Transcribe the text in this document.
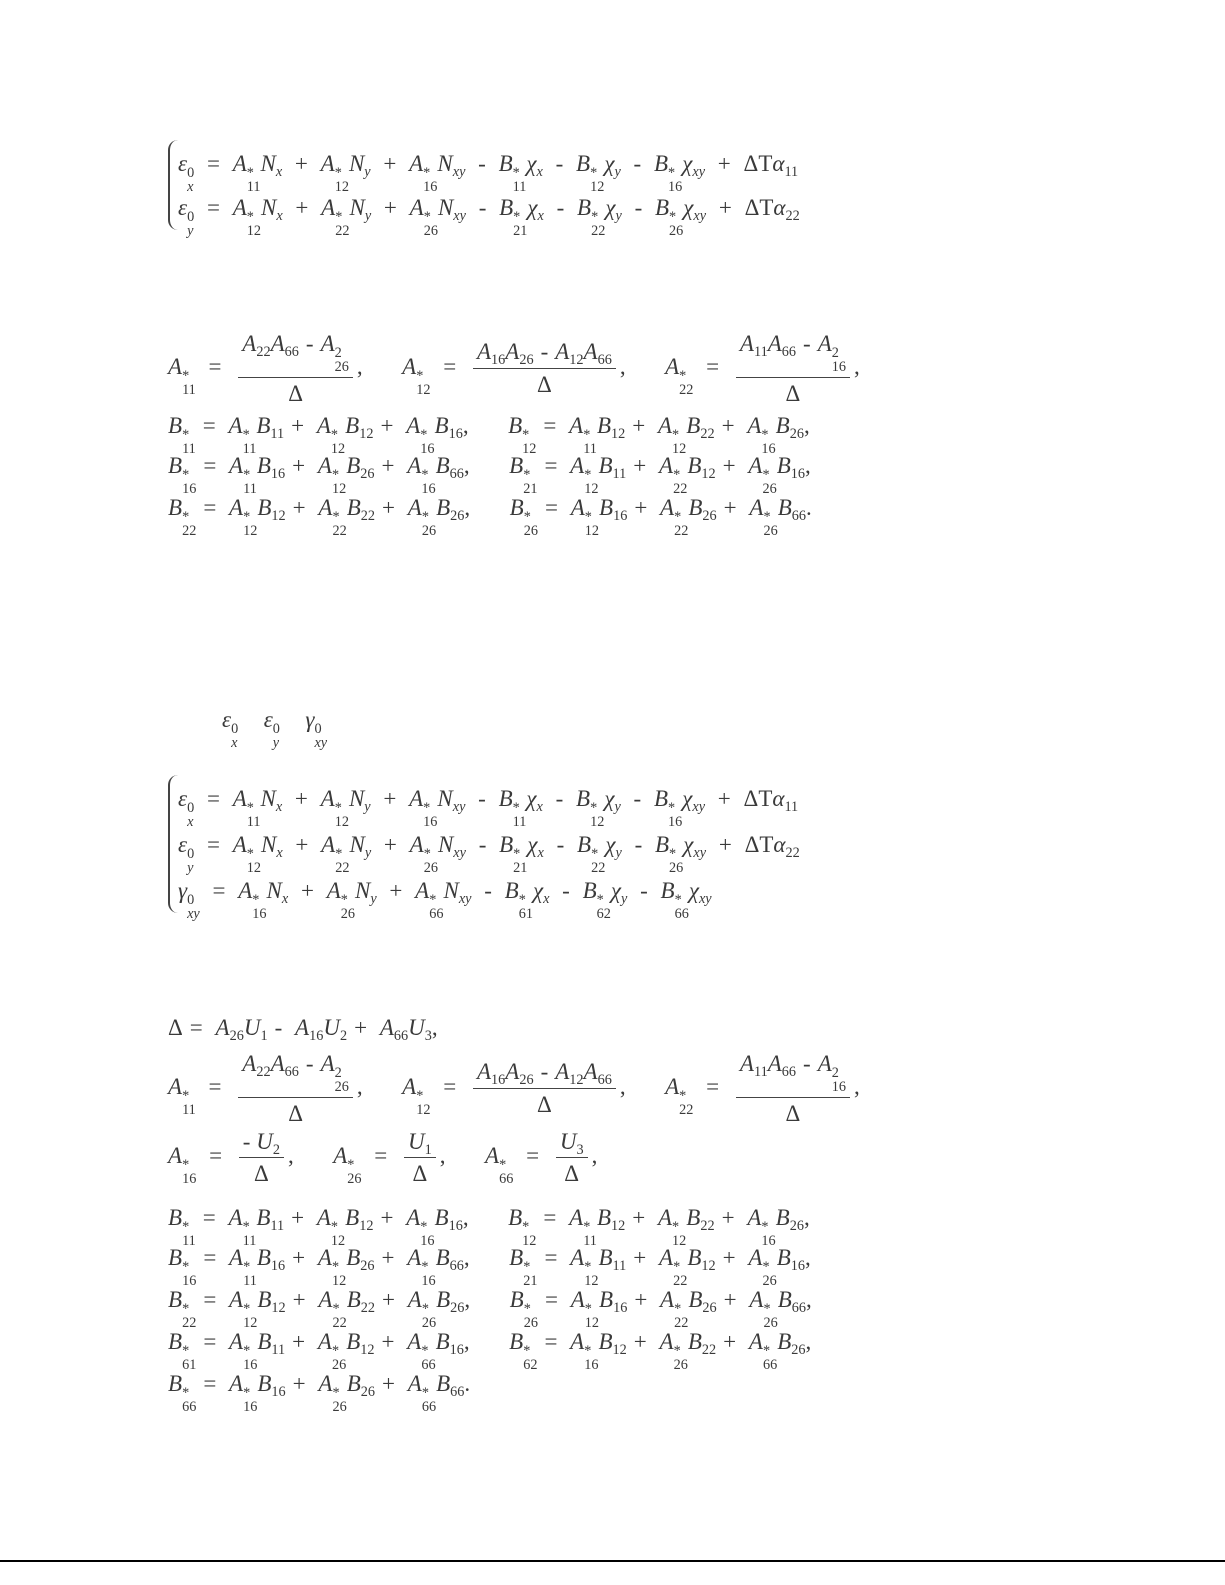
ε 0
x
= A *
11
$N_x + A$ *
12
$N_y + A$ *
16
$N_{xy}$ - B *
11
$\chi_x$ - B *
12
$\chi_y$ - B *
16
$\chi_{xy} + \Delta T\alpha_{11}$
ε 0
y
= A *
12
$N_x + A$ *
22
$N_y + A$ *
26
$N_{xy}$ - B *
21
$\chi_x$ - B *
22
$\chi_y$ - B *
26
$\chi_{xy} + \Delta T\alpha_{22}$
A *
11
= $A_{22}A_{66}$ - A 2
26
Δ , A *
12
= $\frac{A_{16}A_{26} - A_{12}A_{66}}{\Delta}$ , A *
22
= $A_{11}A_{66}$ - A 2
16
Δ ,
B *
11
= A *
11
$B_{11} + A$ *
12
$B_{12} + A$ *
16
$B_{16}$, B *
12
= A *
11
$B_{12} + A$ *
12
$B_{22} + A$ *
16
$B_{26}$,
B *
16
= A *
11
$B_{16} + A$ *
12
$B_{26} + A$ *
16
$B_{66}$, B *
21
= A *
12
$B_{11} + A$ *
22
$B_{12} + A$ *
26
$B_{16}$,
B *
22
= A *
12
$B_{12} + A$ *
22
$B_{22} + A$ *
26
$B_{26}$, B *
26
= A *
12
$B_{16} + A$ *
22
$B_{26} + A$ *
26
$B_{66}$.
ε 0
x
ε 0
y
γ 0
xy
ε 0
x
= A *
11
$N_x + A$ *
12
$N_y + A$ *
16
$N_{xy}$ - B *
11
$\chi_x$ - B *
12
$\chi_y$ - B *
16
$\chi_{xy} + \Delta T\alpha_{11}$
ε 0
y
= A *
12
$N_x + A$ *
22
$N_y + A$ *
26
$N_{xy}$ - B *
21
$\chi_x$ - B *
22
$\chi_y$ - B *
26
$\chi_{xy} + \Delta T\alpha_{22}$
γ 0
xy
= A *
16
$N_x + A$ *
26
$N_y + A$ *
66
$N_{xy}$ - B *
61
$\chi_x$ - B *
62
$\chi_y$ - B *
66
$\chi_{xy}$
$\Delta = A_{26}U_1 - A_{16}U_2 + A_{66}U_3$,
A *
11
= $A_{22}A_{66}$ - A 2
26
Δ , A *
12
= $\frac{A_{16}A_{26} - A_{12}A_{66}}{\Delta}$ , A *
22
= $A_{11}A_{66}$ - A 2
16
Δ ,
A *
16
= $\frac{- U_2}{\Delta}$ , A *
26
= $\frac{U_1}{\Delta}$ , A *
66
= $\frac{U_3}{\Delta}$ ,
B *
11
= A *
11
$B_{11} + A$ *
12
$B_{12} + A$ *
16
$B_{16}$, B *
12
= A *
11
$B_{12} + A$ *
12
$B_{22} + A$ *
16
$B_{26}$,
B *
16
= A *
11
$B_{16} + A$ *
12
$B_{26} + A$ *
16
$B_{66}$, B *
21
= A *
12
$B_{11} + A$ *
22
$B_{12} + A$ *
26
$B_{16}$,
B *
22
= A *
12
$B_{12} + A$ *
22
$B_{22} + A$ *
26
$B_{26}$, B *
26
= A *
12
$B_{16} + A$ *
22
$B_{26} + A$ *
26
$B_{66}$,
B *
61
= A *
16
$B_{11} + A$ *
26
$B_{12} + A$ *
66
$B_{16}$, B *
62
= A *
16
$B_{12} + A$ *
26
$B_{22} + A$ *
66
$B_{26}$,
B *
66
= A *
16
$B_{16} + A$ *
26
$B_{26} + A$ *
66
$B_{66}$.
